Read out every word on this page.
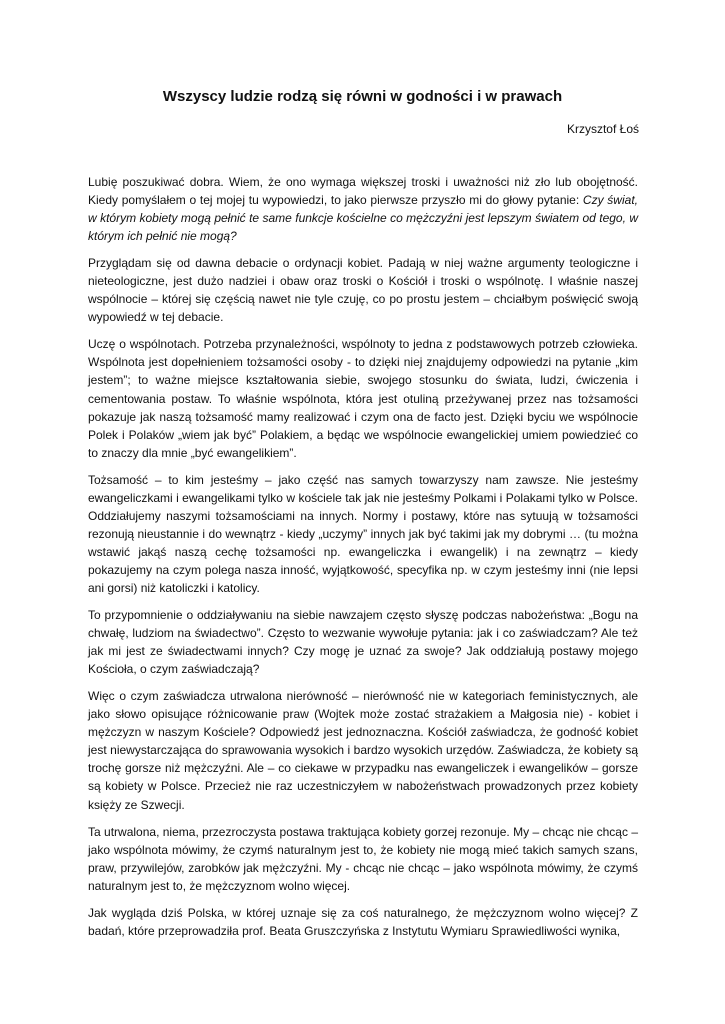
Wszyscy ludzie rodzą się równi w godności i w prawach

Krzysztof Łoś

Lubię poszukiwać dobra. Wiem, że ono wymaga większej troski i uważności niż zło lub obojętność. Kiedy pomyślałem o tej mojej tu wypowiedzi, to jako pierwsze przyszło mi do głowy pytanie: Czy świat, w którym kobiety mogą pełnić te same funkcje kościelne co mężczyźni jest lepszym światem od tego, w którym ich pełnić nie mogą?

Przyglądam się od dawna debacie o ordynacji kobiet. Padają w niej ważne argumenty teologiczne i nieteologiczne, jest dużo nadziei i obaw oraz troski o Kościół i troski o wspólnotę. I właśnie naszej wspólnocie – której się częścią nawet nie tyle czuję, co po prostu jestem – chciałbym poświęcić swoją wypowiedź w tej debacie.

Uczę o wspólnotach. Potrzeba przynależności, wspólnoty to jedna z podstawowych potrzeb człowieka. Wspólnota jest dopełnieniem tożsamości osoby - to dzięki niej znajdujemy odpowiedzi na pytanie „kim jestem”; to ważne miejsce kształtowania siebie, swojego stosunku do świata, ludzi, ćwiczenia i cementowania postaw. To właśnie wspólnota, która jest otuliną przeżywanej przez nas tożsamości pokazuje jak naszą tożsamość mamy realizować i czym ona de facto jest. Dzięki byciu we wspólnocie Polek i Polaków „wiem jak być” Polakiem, a będąc we wspólnocie ewangelickiej umiem powiedzieć co to znaczy dla mnie „być ewangelikiem”.

Tożsamość – to kim jesteśmy – jako część nas samych towarzyszy nam zawsze. Nie jesteśmy ewangeliczkami i ewangelikami tylko w kościele tak jak nie jesteśmy Polkami i Polakami tylko w Polsce. Oddziałujemy naszymi tożsamościami na innych. Normy i postawy, które nas sytuują w tożsamości rezonują nieustannie i do wewnątrz - kiedy „uczymy” innych jak być takimi jak my dobrymi … (tu można wstawić jakąś naszą cechę tożsamości np. ewangeliczka i ewangelik) i na zewnątrz – kiedy pokazujemy na czym polega nasza inność, wyjątkowość, specyfika np. w czym jesteśmy inni (nie lepsi ani gorsi) niż katoliczki i katolicy.

To przypomnienie o oddziaływaniu na siebie nawzajem często słyszę podczas nabożeństwa: „Bogu na chwałę, ludziom na świadectwo”. Często to wezwanie wywołuje pytania: jak i co zaświadczam? Ale też jak mi jest ze świadectwami innych? Czy mogę je uznać za swoje? Jak oddziałują postawy mojego Kościoła, o czym zaświadczają?

Więc o czym zaświadcza utrwalona nierówność – nierówność nie w kategoriach feministycznych, ale jako słowo opisujące różnicowanie praw (Wojtek może zostać strażakiem a Małgosia nie) - kobiet i mężczyzn w naszym Kościele? Odpowiedź jest jednoznaczna. Kościół zaświadcza, że godność kobiet jest niewystarczająca do sprawowania wysokich i bardzo wysokich urzędów. Zaświadcza, że kobiety są trochę gorsze niż mężczyźni. Ale – co ciekawe w przypadku nas ewangeliczek i ewangelików – gorsze są kobiety w Polsce. Przecież nie raz uczestniczyłem w nabożeństwach prowadzonych przez kobiety księży ze Szwecji.

Ta utrwalona, niema, przezroczysta postawa traktująca kobiety gorzej rezonuje. My – chcąc nie chcąc – jako wspólnota mówimy, że czymś naturalnym jest to, że kobiety nie mogą mieć takich samych szans, praw, przywilejów, zarobków jak mężczyźni. My - chcąc nie chcąc – jako wspólnota mówimy, że czymś naturalnym jest to, że mężczyznom wolno więcej.

Jak wygląda dziś Polska, w której uznaje się za coś naturalnego, że mężczyznom wolno więcej? Z badań, które przeprowadziła prof. Beata Gruszczyńska z Instytutu Wymiaru Sprawiedliwości wynika,
